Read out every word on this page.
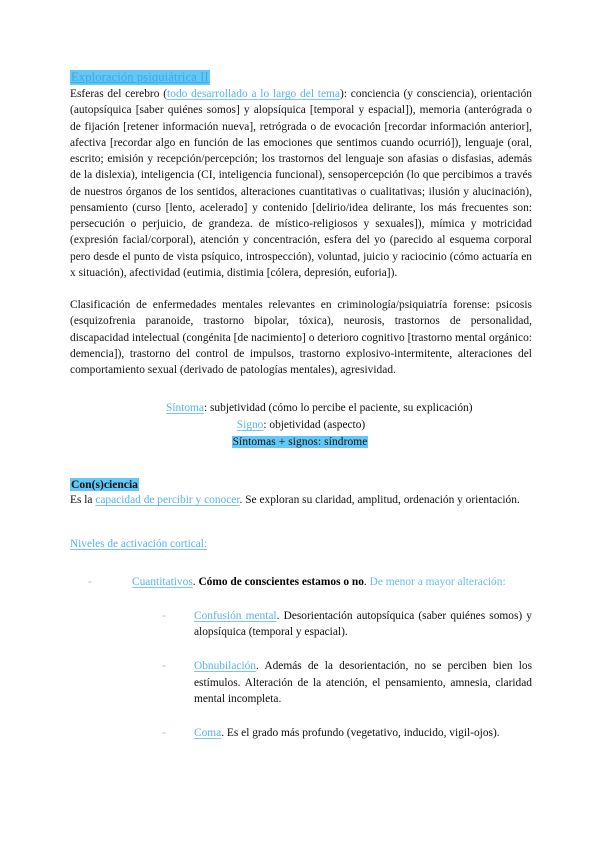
Exploración psiquiátrica II

Esferas del cerebro (todo desarrollado a lo largo del tema): conciencia (y consciencia), orientación (autopsíquica [saber quiénes somos] y alopsíquica [temporal y espacial]), memoria (anterógrada o de fijación [retener información nueva], retrógrada o de evocación [recordar información anterior], afectiva [recordar algo en función de las emociones que sentimos cuando ocurrió]), lenguaje (oral, escrito; emisión y recepción/percepción; los trastornos del lenguaje son afasias o disfasias, además de la dislexia), inteligencia (CI, inteligencia funcional), sensopercepción (lo que percibimos a través de nuestros órganos de los sentidos, alteraciones cuantitativas o cualitativas; ilusión y alucinación), pensamiento (curso [lento, acelerado] y contenido [delirio/idea delirante, los más frecuentes son: persecución o perjuicio, de grandeza. de místico-religiosos y sexuales]), mímica y motricidad (expresión facial/corporal), atención y concentración, esfera del yo (parecido al esquema corporal pero desde el punto de vista psíquico, introspección), voluntad, juicio y raciocinio (cómo actuaría en x situación), afectividad (eutimia, distimia [cólera, depresión, euforia]).

Clasificación de enfermedades mentales relevantes en criminología/psiquiatría forense: psicosis (esquizofrenia paranoide, trastorno bipolar, tóxica), neurosis, trastornos de personalidad, discapacidad intelectual (congénita [de nacimiento] o deterioro cognitivo [trastorno mental orgánico: demencia]), trastorno del control de impulsos, trastorno explosivo-intermitente, alteraciones del comportamiento sexual (derivado de patologías mentales), agresividad.

Síntoma: subjetividad (cómo lo percibe el paciente, su explicación)
Signo: objetividad (aspecto)
Síntomas + signos: síndrome
Con(s)ciencia

Es la capacidad de percibir y conocer. Se exploran su claridad, amplitud, ordenación y orientación.

Niveles de activación cortical:
-	Cuantitativos. Cómo de conscientes estamos o no. De menor a mayor alteración:
- Confusión mental. Desorientación autopsíquica (saber quiénes somos) y alopsíquica (temporal y espacial).
- Obnubilación. Además de la desorientación, no se perciben bien los estímulos. Alteración de la atención, el pensamiento, amnesia, claridad mental incompleta.
- Coma. Es el grado más profundo (vegetativo, inducido, vigil-ojos).
